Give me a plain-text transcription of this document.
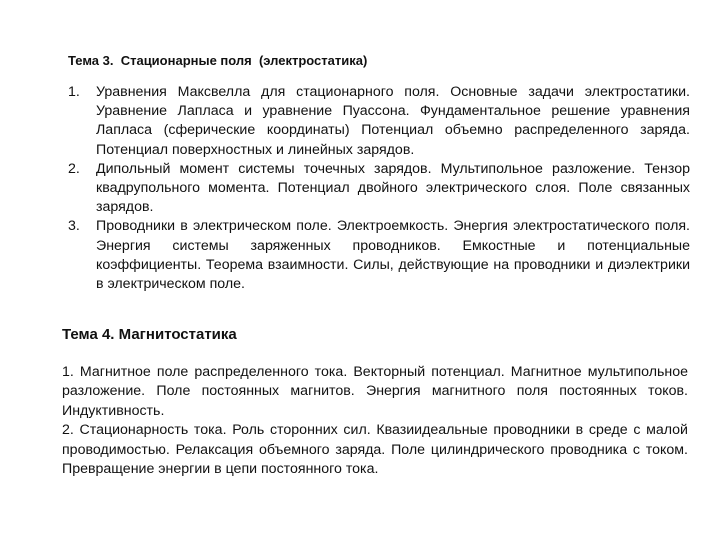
Тема 3.  Стационарные поля  (электростатика)
1. Уравнения Максвелла для стационарного поля. Основные задачи электростатики. Уравнение Лапласа и уравнение Пуассона. Фундаментальное решение уравнения Лапласа (сферические координаты) Потенциал объемно распределенного заряда. Потенциал поверхностных и линейных зарядов.
2. Дипольный момент системы точечных зарядов. Мультипольное разложение. Тензор квадрупольного момента. Потенциал двойного электрического слоя. Поле связанных зарядов.
3. Проводники в электрическом поле. Электроемкость. Энергия электростатического поля. Энергия системы заряженных проводников. Емкостные и потенциальные коэффициенты. Теорема взаимности. Силы, действующие на проводники и диэлектрики в электрическом поле.
Тема 4. Магнитостатика

1. Магнитное поле распределенного тока. Векторный потенциал. Магнитное мультипольное разложение. Поле постоянных магнитов. Энергия магнитного поля постоянных токов. Индуктивность.

2. Стационарность тока. Роль сторонних сил. Квазиидеальные проводники в среде с малой проводимостью. Релаксация объемного заряда. Поле цилиндрического проводника с током. Превращение энергии в цепи постоянного тока.
